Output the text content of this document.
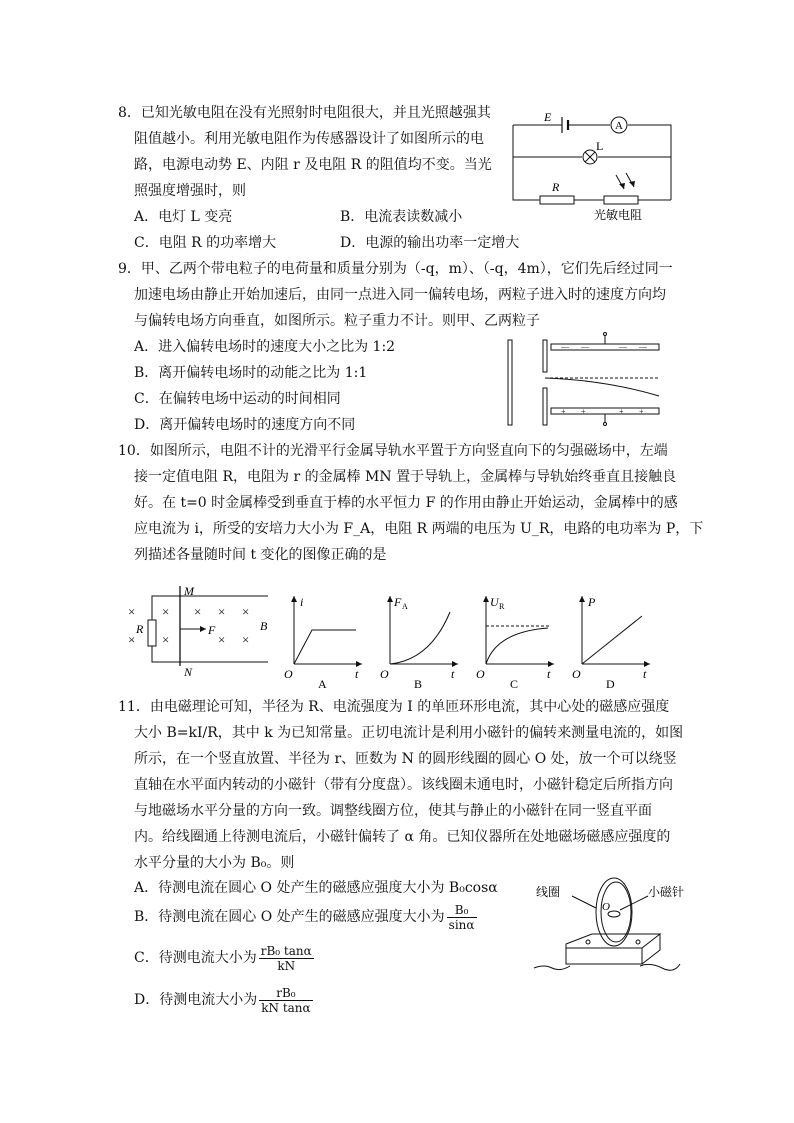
8．已知光敏电阻在没有光照射时电阻很大，并且光照越强其
阻值越小。利用光敏电阻作为传感器设计了如图所示的电
路，电源电动势 E、内阻 r 及电阻 R 的阻值均不变。当光
照强度增强时，则
A．电灯 L 变亮	B．电流表读数减小
C．电阻 R 的功率增大	D．电源的输出功率一定增大
E
A
L
R
光敏电阻
9．甲、乙两个带电粒子的电荷量和质量分别为（-q，m）、（-q，4m），它们先后经过同一
加速电场由静止开始加速后，由同一点进入同一偏转电场，两粒子进入时的速度方向均
与偏转电场方向垂直，如图所示。粒子重力不计。则甲、乙两粒子
A．进入偏转电场时的速度大小之比为 1:2
B．离开偏转电场时的动能之比为 1:1
C．在偏转电场中运动的时间相同
D．离开偏转电场时的速度方向不同
— —	— —
+ +	+ +
10．如图所示，电阻不计的光滑平行金属导轨水平置于方向竖直向下的匀强磁场中，左端
接一定值电阻 R，电阻为 r 的金属棒 MN 置于导轨上，金属棒与导轨始终垂直且接触良
好。在 t=0 时金属棒受到垂直于棒的水平恒力 F 的作用由静止开始运动，金属棒中的感
应电流为 i，所受的安培力大小为 F_A，电阻 R 两端的电压为 U_R，电路的电功率为 P，下
列描述各量随时间 t 变化的图像正确的是
×
×
×
×
× × ×
× ×
M
N
R	F	B
i
t
O
A
F A
t
O
B
U R
t
O
C
P
t
O
D
11．由电磁理论可知，半径为 R、电流强度为 I 的单匝环形电流，其中心处的磁感应强度
大小 B=kI/R，其中 k 为已知常量。正切电流计是利用小磁针的偏转来测量电流的，如图
所示，在一个竖直放置、半径为 r、匝数为 N 的圆形线圈的圆心 O 处，放一个可以绕竖
直轴在水平面内转动的小磁针（带有分度盘）。该线圈未通电时，小磁针稳定后所指方向
与地磁场水平分量的方向一致。调整线圈方位，使其与静止的小磁针在同一竖直平面
内。给线圈通上待测电流后，小磁针偏转了 α 角。已知仪器所在处地磁场磁感应强度的
水平分量的大小为 B₀。则
A．待测电流在圆心 O 处产生的磁感应强度大小为 B₀cosα
B．待测电流在圆心 O 处产生的磁感应强度大小为 $\frac{\text{B₀}}{\sin\alpha}$
C．待测电流大小为 $\frac{\text{rB₀ tanα}}{kN}$
D．待测电流大小为 $\frac{\text{rB₀}}{\text{kN tanα}}$
线圈	小磁针
O
